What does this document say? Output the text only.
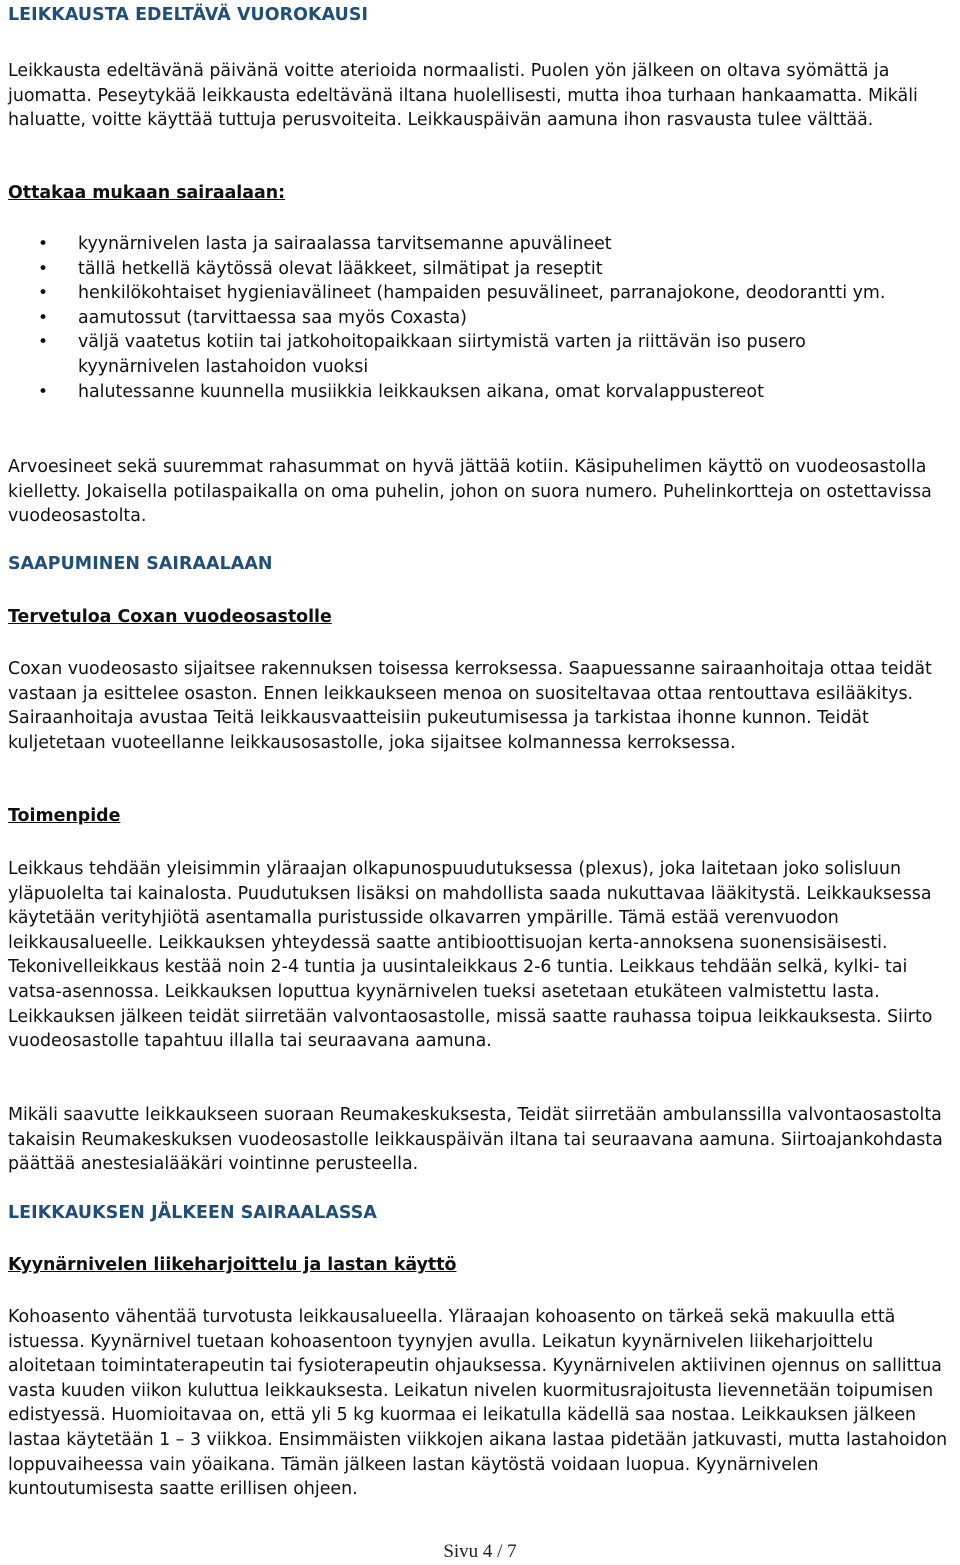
LEIKKAUSTA EDELTÄVÄ VUOROKAUSI

Leikkausta edeltävänä päivänä voitte aterioida normaalisti. Puolen yön jälkeen on oltava syömättä ja juomatta. Peseytykää leikkausta edeltävänä iltana huolellisesti, mutta ihoa turhaan hankaamatta. Mikäli haluatte, voitte käyttää tuttuja perusvoiteita. Leikkauspäivän aamuna ihon rasvausta tulee välttää.

Ottakaa mukaan sairaalaan:
• kyynärnivelen lasta ja sairaalassa tarvitsemanne apuvälineet
• tällä hetkellä käytössä olevat lääkkeet, silmätipat ja reseptit
• henkilökohtaiset hygieniavälineet (hampaiden pesuvälineet, parranajokone, deodorantti ym.
• aamutossut (tarvittaessa saa myös Coxasta)
• väljä vaatetus kotiin tai jatkohoitopaikkaan siirtymistä varten ja riittävän iso pusero
kyynärnivelen lastahoidon vuoksi
• halutessanne kuunnella musiikkia leikkauksen aikana, omat korvalappustereot

Arvoesineet sekä suuremmat rahasummat on hyvä jättää kotiin. Käsipuhelimen käyttö on vuodeosastolla kielletty. Jokaisella potilaspaikalla on oma puhelin, johon on suora numero. Puhelinkortteja on ostettavissa vuodeosastolta.

SAAPUMINEN SAIRAALAAN
Tervetuloa Coxan vuodeosastolle

Coxan vuodeosasto sijaitsee rakennuksen toisessa kerroksessa. Saapuessanne sairaanhoitaja ottaa teidät vastaan ja esittelee osaston. Ennen leikkaukseen menoa on suositeltavaa ottaa rentouttava esilääkitys. Sairaanhoitaja avustaa Teitä leikkausvaatteisiin pukeutumisessa ja tarkistaa ihonne kunnon. Teidät kuljetetaan vuoteellanne leikkausosastolle, joka sijaitsee kolmannessa kerroksessa.

Toimenpide

Leikkaus tehdään yleisimmin yläraajan olkapunospuudutuksessa (plexus), joka laitetaan joko solisluun yläpuolelta tai kainalosta. Puudutuksen lisäksi on mahdollista saada nukuttavaa lääkitystä. Leikkauksessa käytetään verityhjiötä asentamalla puristusside olkavarren ympärille. Tämä estää verenvuodon leikkausalueelle. Leikkauksen yhteydessä saatte antibioottisuojan kerta-annoksena suonensisäisesti. Tekonivelleikkaus kestää noin 2-4 tuntia ja uusintaleikkaus 2-6 tuntia. Leikkaus tehdään selkä, kylki- tai vatsa-asennossa. Leikkauksen loputtua kyynärnivelen tueksi asetetaan etukäteen valmistettu lasta. Leikkauksen jälkeen teidät siirretään valvontaosastolle, missä saatte rauhassa toipua leikkauksesta. Siirto vuodeosastolle tapahtuu illalla tai seuraavana aamuna.

Mikäli saavutte leikkaukseen suoraan Reumakeskuksesta, Teidät siirretään ambulanssilla valvontaosastolta takaisin Reumakeskuksen vuodeosastolle leikkauspäivän iltana tai seuraavana aamuna. Siirtoajankohdasta päättää anestesialääkäri vointinne perusteella.

LEIKKAUKSEN JÄLKEEN SAIRAALASSA
Kyynärnivelen liikeharjoittelu ja lastan käyttö

Kohoasento vähentää turvotusta leikkausalueella. Yläraajan kohoasento on tärkeä sekä makuulla että istuessa. Kyynärnivel tuetaan kohoasentoon tyynyjen avulla. Leikatun kyynärnivelen liikeharjoittelu aloitetaan toimintaterapeutin tai fysioterapeutin ohjauksessa. Kyynärnivelen aktiivinen ojennus on sallittua vasta kuuden viikon kuluttua leikkauksesta. Leikatun nivelen kuormitusrajoitusta lievennetään toipumisen edistyessä. Huomioitavaa on, että yli 5 kg kuormaa ei leikatulla kädellä saa nostaa. Leikkauksen jälkeen lastaa käytetään 1 – 3 viikkoa. Ensimmäisten viikkojen aikana lastaa pidetään jatkuvasti, mutta lastahoidon loppuvaiheessa vain yöaikana. Tämän jälkeen lastan käytöstä voidaan luopua. Kyynärnivelen kuntoutumisesta saatte erillisen ohjeen.

Sivu 4 / 7
